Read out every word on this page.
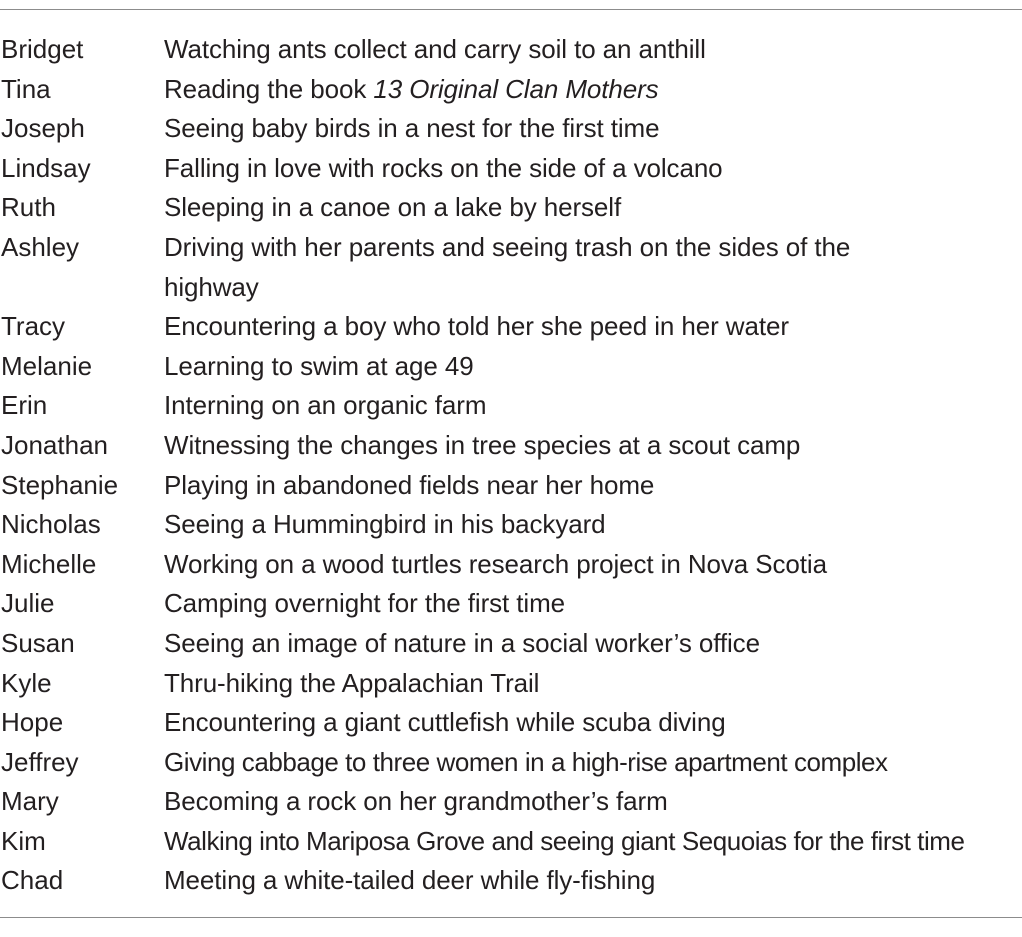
Bridget	Watching ants collect and carry soil to an anthill
Tina	Reading the book 13 Original Clan Mothers
Joseph	Seeing baby birds in a nest for the first time
Lindsay	Falling in love with rocks on the side of a volcano
Ruth	Sleeping in a canoe on a lake by herself
Ashley	Driving with her parents and seeing trash on the sides of the
highway
Tracy	Encountering a boy who told her she peed in her water
Melanie	Learning to swim at age 49
Erin	Interning on an organic farm
Jonathan	Witnessing the changes in tree species at a scout camp
Stephanie	Playing in abandoned fields near her home
Nicholas	Seeing a Hummingbird in his backyard
Michelle	Working on a wood turtles research project in Nova Scotia
Julie	Camping overnight for the first time
Susan	Seeing an image of nature in a social worker’s office
Kyle	Thru-hiking the Appalachian Trail
Hope	Encountering a giant cuttlefish while scuba diving
Jeffrey	Giving cabbage to three women in a high-rise apartment complex
Mary	Becoming a rock on her grandmother’s farm
Kim	Walking into Mariposa Grove and seeing giant Sequoias for the first time
Chad	Meeting a white-tailed deer while fly-fishing
